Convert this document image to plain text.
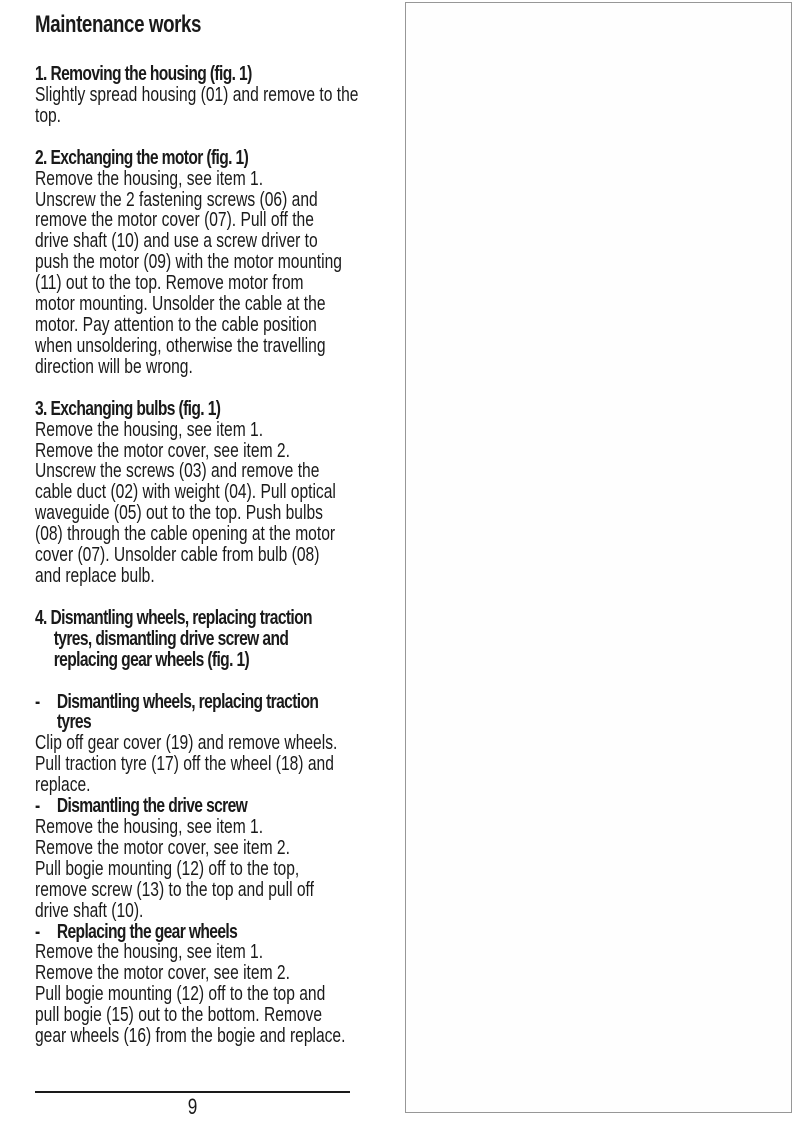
Maintenance works
1. Removing the housing (fig. 1)
Slightly spread housing (01) and remove to the
top.
2. Exchanging the motor (fig. 1)
Remove the housing, see item 1.
Unscrew the 2 fastening screws (06) and
remove the motor cover (07). Pull off the
drive shaft (10) and use a screw driver to
push the motor (09) with the motor mounting
(11) out to the top. Remove motor from
motor mounting. Unsolder the cable at the
motor. Pay attention to the cable position
when unsoldering, otherwise the travelling
direction will be wrong.
3. Exchanging bulbs (fig. 1)
Remove the housing, see item 1.
Remove the motor cover, see item 2.
Unscrew the screws (03) and remove the
cable duct (02) with weight (04). Pull optical
waveguide (05) out to the top. Push bulbs
(08) through the cable opening at the motor
cover (07). Unsolder cable from bulb (08)
and replace bulb.
4. Dismantling wheels, replacing traction
tyres, dismantling drive screw and
replacing gear wheels (fig. 1)
- Dismantling wheels, replacing traction
tyres
Clip off gear cover (19) and remove wheels.
Pull traction tyre (17) off the wheel (18) and
replace.
- Dismantling the drive screw
Remove the housing, see item 1.
Remove the motor cover, see item 2.
Pull bogie mounting (12) off to the top,
remove screw (13) to the top and pull off
drive shaft (10).
- Replacing the gear wheels
Remove the housing, see item 1.
Remove the motor cover, see item 2.
Pull bogie mounting (12) off to the top and
pull bogie (15) out to the bottom. Remove
gear wheels (16) from the bogie and replace.
9
